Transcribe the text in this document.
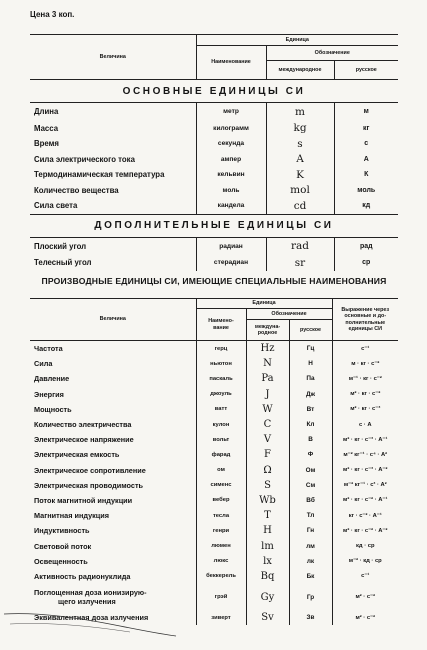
Цена 3 коп.
Величина	Единица		
	Наименование	Обозначение	
		международное	русское
ОСНОВНЫЕ ЕДИНИЦЫ СИ			
Длина	метр	m	м
Масса	килограмм	kg	кг
Время	секунда	s	с
Сила электрического тока	ампер	A	А
Термодинамическая температура	кельвин	K	К
Количество вещества	моль	mol	моль
Сила света	кандела	cd	кд
ДОПОЛНИТЕЛЬНЫЕ ЕДИНИЦЫ СИ			
Плоский угол	радиан	rad	рад
Телесный угол	стерадиан	sr	ср
ПРОИЗВОДНЫЕ ЕДИНИЦЫ СИ, ИМЕЮЩИЕ СПЕЦИАЛЬНЫЕ НАИМЕНОВАНИЯ
Величина	Единица			Выражение через
основные и до-
полнительные
единицы СИ
	Наимено-
вание	Обозначение		
		междуна-
родное	русское	
Частота	герц	Hz	Гц	с⁻¹
Сила	ньютон	N	Н	м · кг · с⁻²
Давление	паскаль	Pa	Па	м⁻¹ · кг · с⁻²
Энергия	джоуль	J	Дж	м² · кг · с⁻²
Мощность	ватт	W	Вт	м² · кг · с⁻³
Количество электричества	кулон	C	Кл	с · А
Электрическое напряжение	вольт	V	В	м² · кг · с⁻³ · А⁻¹
Электрическая емкость	фарад	F	Ф	м⁻² кг⁻¹ · с⁴ · А²
Электрическое сопротивление	ом	Ω	Ом	м² · кг · с⁻³ · А⁻²
Электрическая проводимость	сименс	S	См	м⁻² кг⁻¹ · с³ · А²
Поток магнитной индукции	вебер	Wb	Вб	м² · кг · с⁻² · А⁻¹
Магнитная индукция	тесла	T	Тл	кг · с⁻² · А⁻¹
Индуктивность	генри	H	Гн	м² · кг · с⁻² · А⁻²
Световой поток	люмен	lm	лм	кд · ср
Освещенность	люкс	lx	лк	м⁻² · кд · ср
Активность радионуклида	беккерель	Bq	Бк	с⁻¹
Поглощенная доза ионизирую-
щего излучения	грэй	Gy	Гр	м² · с⁻²
Эквивалентная доза излучения	зиверт	Sv	Зв	м² · с⁻²
